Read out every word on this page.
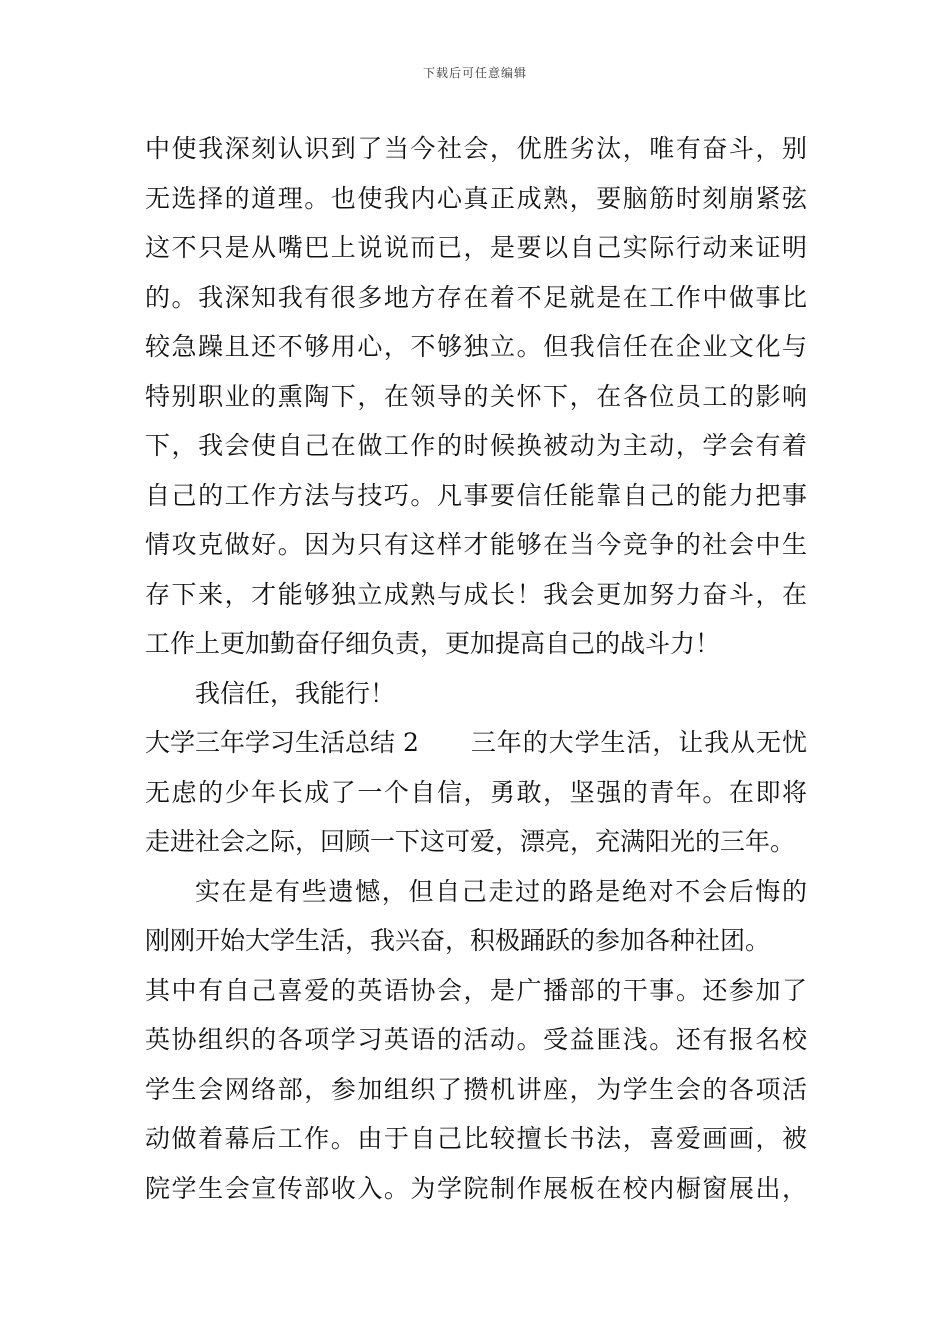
下载后可任意编辑
中使我深刻认识到了当今社会，优胜劣汰，唯有奋斗，别
无选择的道理。也使我内心真正成熟，要脑筋时刻崩紧弦
这不只是从嘴巴上说说而已，是要以自己实际行动来证明
的。我深知我有很多地方存在着不足就是在工作中做事比
较急躁且还不够用心，不够独立。但我信任在企业文化与
特别职业的熏陶下，在领导的关怀下，在各位员工的影响
下，我会使自己在做工作的时候换被动为主动，学会有着
自己的工作方法与技巧。凡事要信任能靠自己的能力把事
情攻克做好。因为只有这样才能够在当今竞争的社会中生
存下来，才能够独立成熟与成长！我会更加努力奋斗，在
工作上更加勤奋仔细负责，更加提高自己的战斗力！
我信任，我能行！
大学三年学习生活总结 2	三年的大学生活，让我从无忧
无虑的少年长成了一个自信，勇敢，坚强的青年。在即将
走进社会之际，回顾一下这可爱，漂亮，充满阳光的三年。
实在是有些遗憾，但自己走过的路是绝对不会后悔的
刚刚开始大学生活，我兴奋，积极踊跃的参加各种社团。
其中有自己喜爱的英语协会，是广播部的干事。还参加了
英协组织的各项学习英语的活动。受益匪浅。还有报名校
学生会网络部，参加组织了攒机讲座，为学生会的各项活
动做着幕后工作。由于自己比较擅长书法，喜爱画画，被
院学生会宣传部收入。为学院制作展板在校内橱窗展出，
